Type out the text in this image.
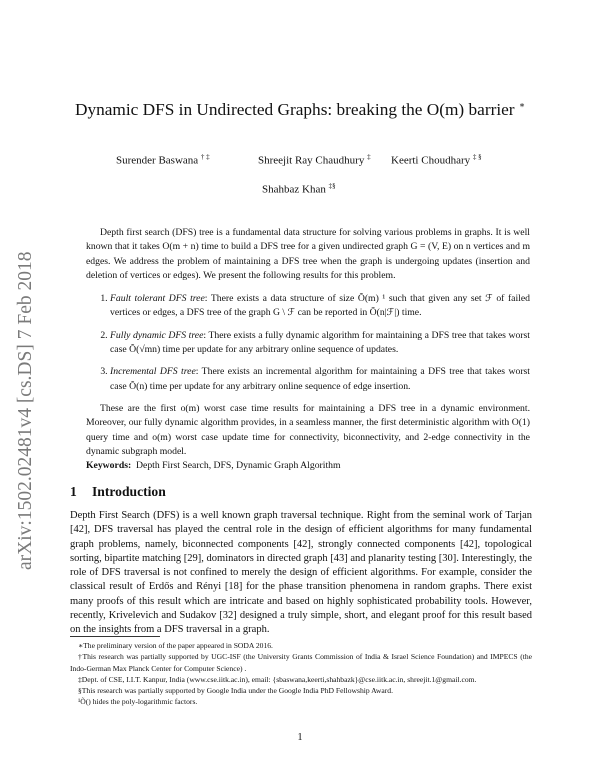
arXiv:1502.02481v4 [cs.DS] 7 Feb 2018
Dynamic DFS in Undirected Graphs: breaking the O(m) barrier ∗
Surender Baswana † ‡	Shreejit Ray Chaudhury ‡ Keerti Choudhary ‡ §
Shahbaz Khan ‡§

Depth first search (DFS) tree is a fundamental data structure for solving various problems in graphs. It is well known that it takes O(m + n) time to build a DFS tree for a given undirected graph G = (V, E) on n vertices and m edges. We address the problem of maintaining a DFS tree when the graph is undergoing updates (insertion and deletion of vertices or edges). We present the following results for this problem.

1. Fault tolerant DFS tree: There exists a data structure of size Õ(m) ¹ such that given any set ℱ of failed vertices or edges, a DFS tree of the graph G \ ℱ can be reported in Õ(n|ℱ|) time.
2. Fully dynamic DFS tree: There exists a fully dynamic algorithm for maintaining a DFS tree that takes worst case Õ(√mn) time per update for any arbitrary online sequence of updates.
3. Incremental DFS tree: There exists an incremental algorithm for maintaining a DFS tree that takes worst case Õ(n) time per update for any arbitrary online sequence of edge insertion.

These are the first o(m) worst case time results for maintaining a DFS tree in a dynamic environment. Moreover, our fully dynamic algorithm provides, in a seamless manner, the first deterministic algorithm with O(1) query time and o(m) worst case update time for connectivity, biconnectivity, and 2-edge connectivity in the dynamic subgraph model.

Keywords: Depth First Search, DFS, Dynamic Graph Algorithm

1 Introduction

Depth First Search (DFS) is a well known graph traversal technique. Right from the seminal work of Tarjan [42], DFS traversal has played the central role in the design of efficient algorithms for many fundamental graph problems, namely, biconnected components [42], strongly connected components [42], topological sorting, bipartite matching [29], dominators in directed graph [43] and planarity testing [30]. Interestingly, the role of DFS traversal is not confined to merely the design of efficient algorithms. For example, consider the classical result of Erdős and Rényi [18] for the phase transition phenomena in random graphs. There exist many proofs of this result which are intricate and based on highly sophisticated probability tools. However, recently, Krivelevich and Sudakov [32] designed a truly simple, short, and elegant proof for this result based on the insights from a DFS traversal in a graph.

∗The preliminary version of the paper appeared in SODA 2016.
†This research was partially supported by UGC-ISF (the University Grants Commission of India & Israel Science Foundation) and IMPECS (the Indo-German Max Planck Center for Computer Science) .
‡Dept. of CSE, I.I.T. Kanpur, India (www.cse.iitk.ac.in), email: {sbaswana,keerti,shahbazk}@cse.iitk.ac.in, shreejit.1@gmail.com.
§This research was partially supported by Google India under the Google India PhD Fellowship Award.
¹Õ() hides the poly-logarithmic factors.
1
